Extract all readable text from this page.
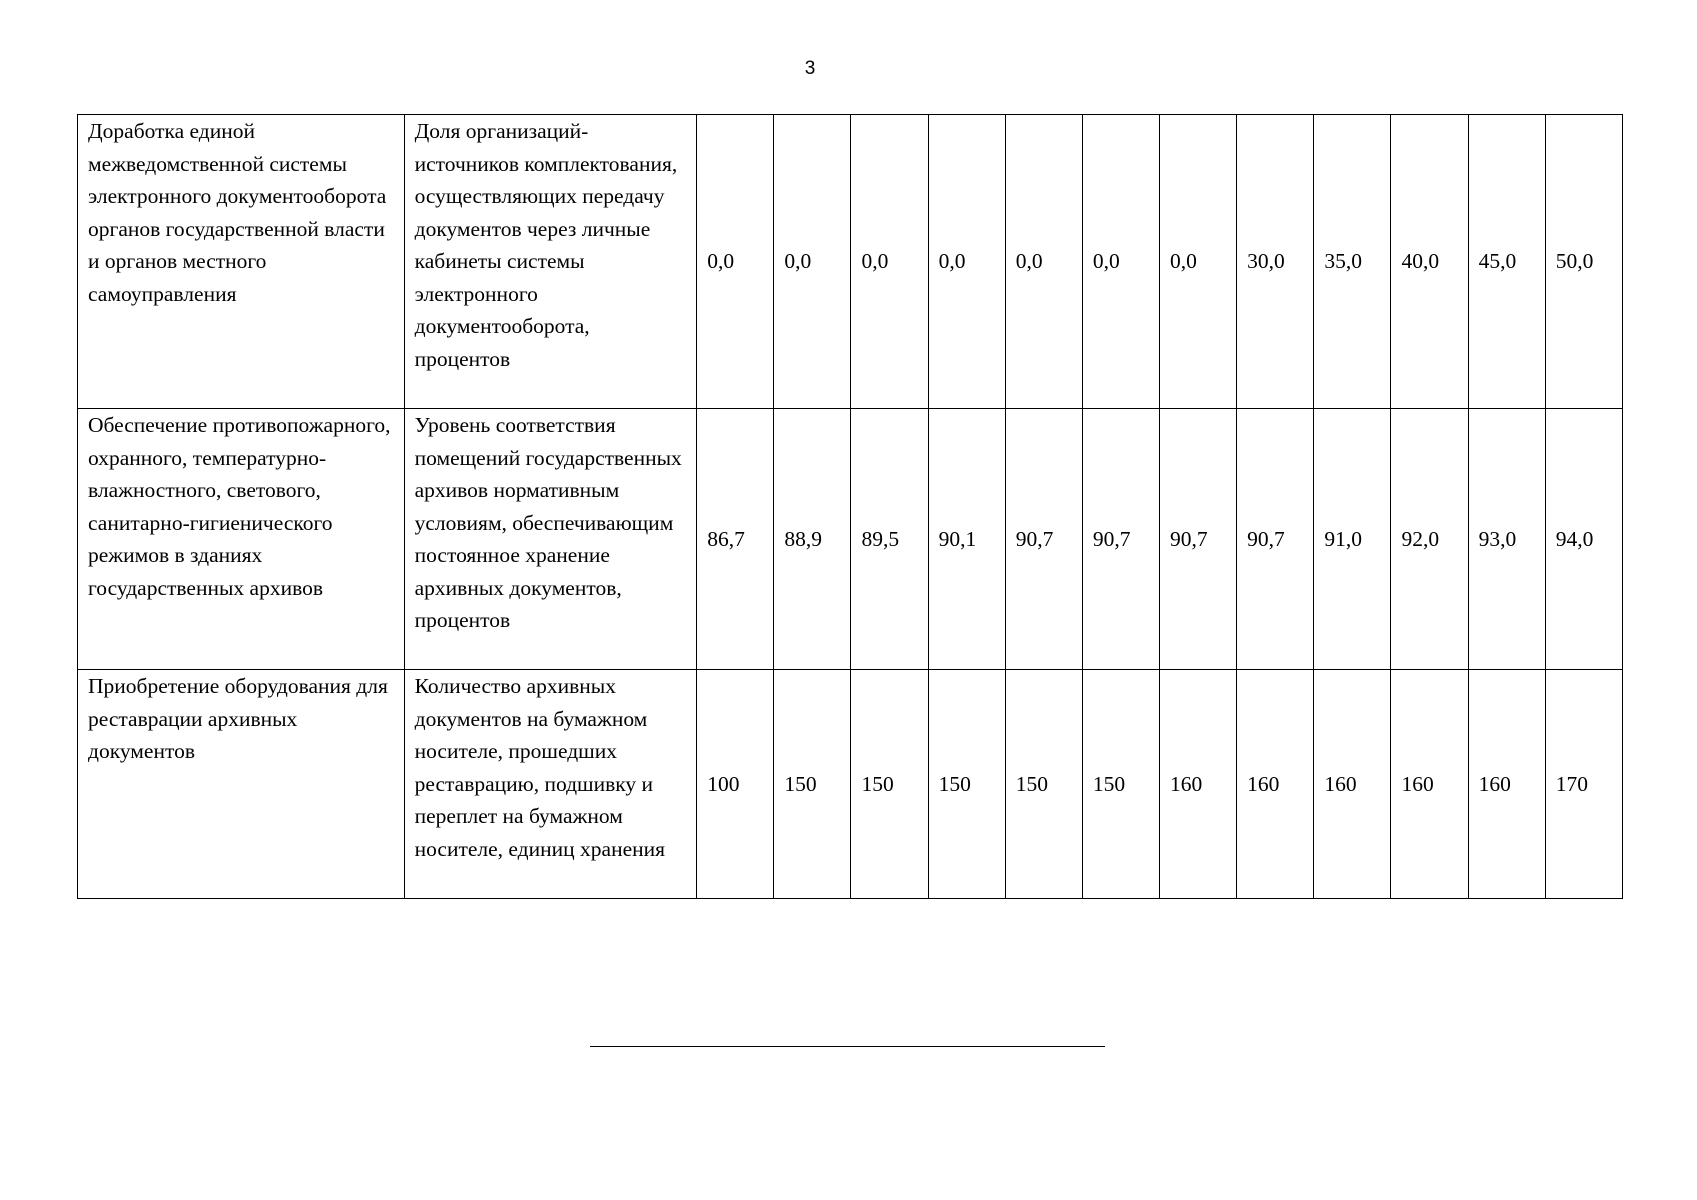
3
Доработка единой межведомственной системы электронного документооборота органов государственной власти и органов местного самоуправления	Доля организаций-источников комплектования, осуществляющих передачу документов через личные кабинеты системы электронного документооборота, процентов	0,0	0,0	0,0	0,0	0,0	0,0	0,0	30,0	35,0	40,0	45,0	50,0
Обеспечение противопожарного, охранного, температурно-влажностного, светового, санитарно-гигиенического режимов в зданиях государственных архивов	Уровень соответствия помещений государственных архивов нормативным условиям, обеспечивающим постоянное хранение архивных документов, процентов	86,7	88,9	89,5	90,1	90,7	90,7	90,7	90,7	91,0	92,0	93,0	94,0
Приобретение оборудования для реставрации архивных документов	Количество архивных документов на бумажном носителе, прошедших реставрацию, подшивку и переплет на бумажном носителе, единиц хранения	100	150	150	150	150	150	160	160	160	160	160	170
